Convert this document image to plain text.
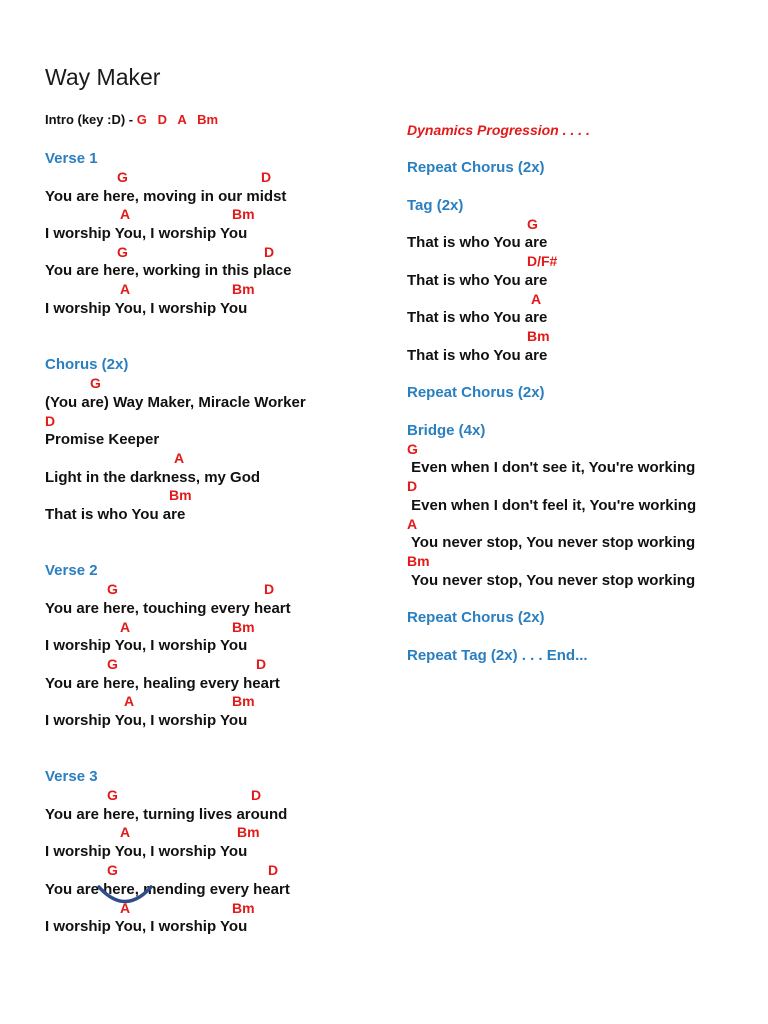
Way Maker
Intro (key :D) - G   D   A   Bm
Verse 1
G	D
You are here, moving in our midst
A	Bm
I worship You, I worship You
G	D
You are here, working in this place
A	Bm
I worship You, I worship You
Chorus (2x)
G
(You are) Way Maker, Miracle Worker
D
Promise Keeper
A
Light in the darkness, my God
Bm
That is who You are
Verse 2
G	D
You are here, touching every heart
A	Bm
I worship You, I worship You
G	D
You are here, healing every heart
A	Bm
I worship You, I worship You
Verse 3
G	D
You are here, turning lives around
A	Bm
I worship You, I worship You
G	D
You are here, mending every heart
A	Bm
I worship You, I worship You
Dynamics Progression . . . .
Repeat Chorus (2x)
Tag (2x)
G
That is who You are
D/F#
That is who You are
A
That is who You are
Bm
That is who You are
Repeat Chorus (2x)
Bridge (4x)
G
Even when I don't see it, You're working
D
Even when I don't feel it, You're working
A
You never stop, You never stop working
Bm
You never stop, You never stop working
Repeat Chorus (2x)
Repeat Tag (2x) . . . End...
